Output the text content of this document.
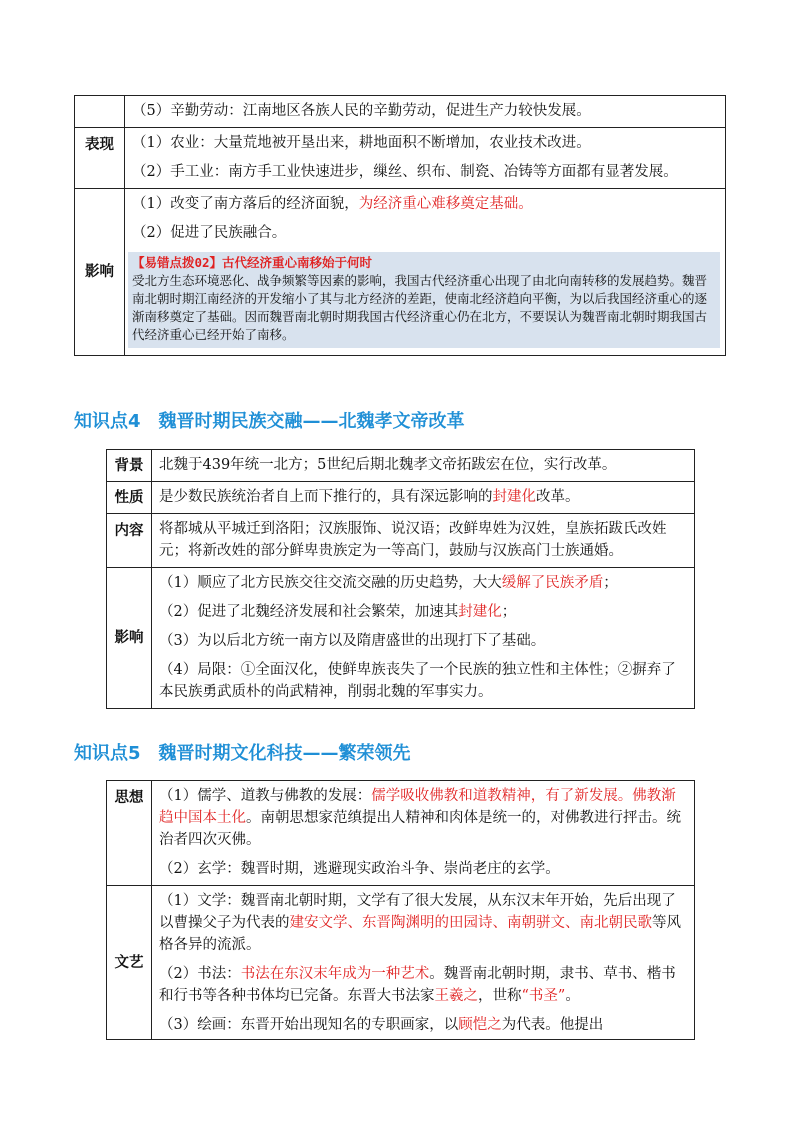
	（5）辛勤劳动：江南地区各族人民的辛勤劳动，促进生产力较快发展。

表现	（1）农业：大量荒地被开垦出来，耕地面积不断增加，农业技术改进。

（2）手工业：南方手工业快速进步，缫丝、织布、制瓷、冶铸等方面都有显著发展。

影响	（1）改变了南方落后的经济面貌，为经济重心难移奠定基础。

（2）促进了民族融合。

【易错点拨02】古代经济重心南移始于何时
受北方生态环境恶化、战争频繁等因素的影响，我国古代经济重心出现了由北向南转移的发展趋势。魏晋南北朝时期江南经济的开发缩小了其与北方经济的差距，使南北经济趋向平衡，为以后我国经济重心的逐渐南移奠定了基础。因而魏晋南北朝时期我国古代经济重心仍在北方，不要误认为魏晋南北朝时期我国古代经济重心已经开始了南移。
知识点4　魏晋时期民族交融——北魏孝文帝改革
背景	北魏于439年统一北方；5世纪后期北魏孝文帝拓跋宏在位，实行改革。

性质	是少数民族统治者自上而下推行的，具有深远影响的封建化改革。

内容	将都城从平城迁到洛阳；汉族服饰、说汉语；改鲜卑姓为汉姓，皇族拓跋氏改姓元；将新改姓的部分鲜卑贵族定为一等高门，鼓励与汉族高门士族通婚。

影响	（1）顺应了北方民族交往交流交融的历史趋势，大大缓解了民族矛盾；

（2）促进了北魏经济发展和社会繁荣，加速其封建化；

（3）为以后北方统一南方以及隋唐盛世的出现打下了基础。

（4）局限：①全面汉化，使鲜卑族丧失了一个民族的独立性和主体性；②摒弃了本民族勇武质朴的尚武精神，削弱北魏的军事实力。

知识点5　魏晋时期文化科技——繁荣领先
思想	（1）儒学、道教与佛教的发展：儒学吸收佛教和道教精神，有了新发展。佛教渐趋中国本土化。南朝思想家范缜提出人精神和肉体是统一的，对佛教进行抨击。统治者四次灭佛。

（2）玄学：魏晋时期，逃避现实政治斗争、崇尚老庄的玄学。

文艺	（1）文学：魏晋南北朝时期，文学有了很大发展，从东汉末年开始，先后出现了以曹操父子为代表的建安文学、东晋陶渊明的田园诗、南朝骈文、南北朝民歌等风格各异的流派。

（2）书法：书法在东汉末年成为一种艺术。魏晋南北朝时期，隶书、草书、楷书和行书等各种书体均已完备。东晋大书法家王羲之，世称“书圣”。

（3）绘画：东晋开始出现知名的专职画家，以顾恺之为代表。他提出
